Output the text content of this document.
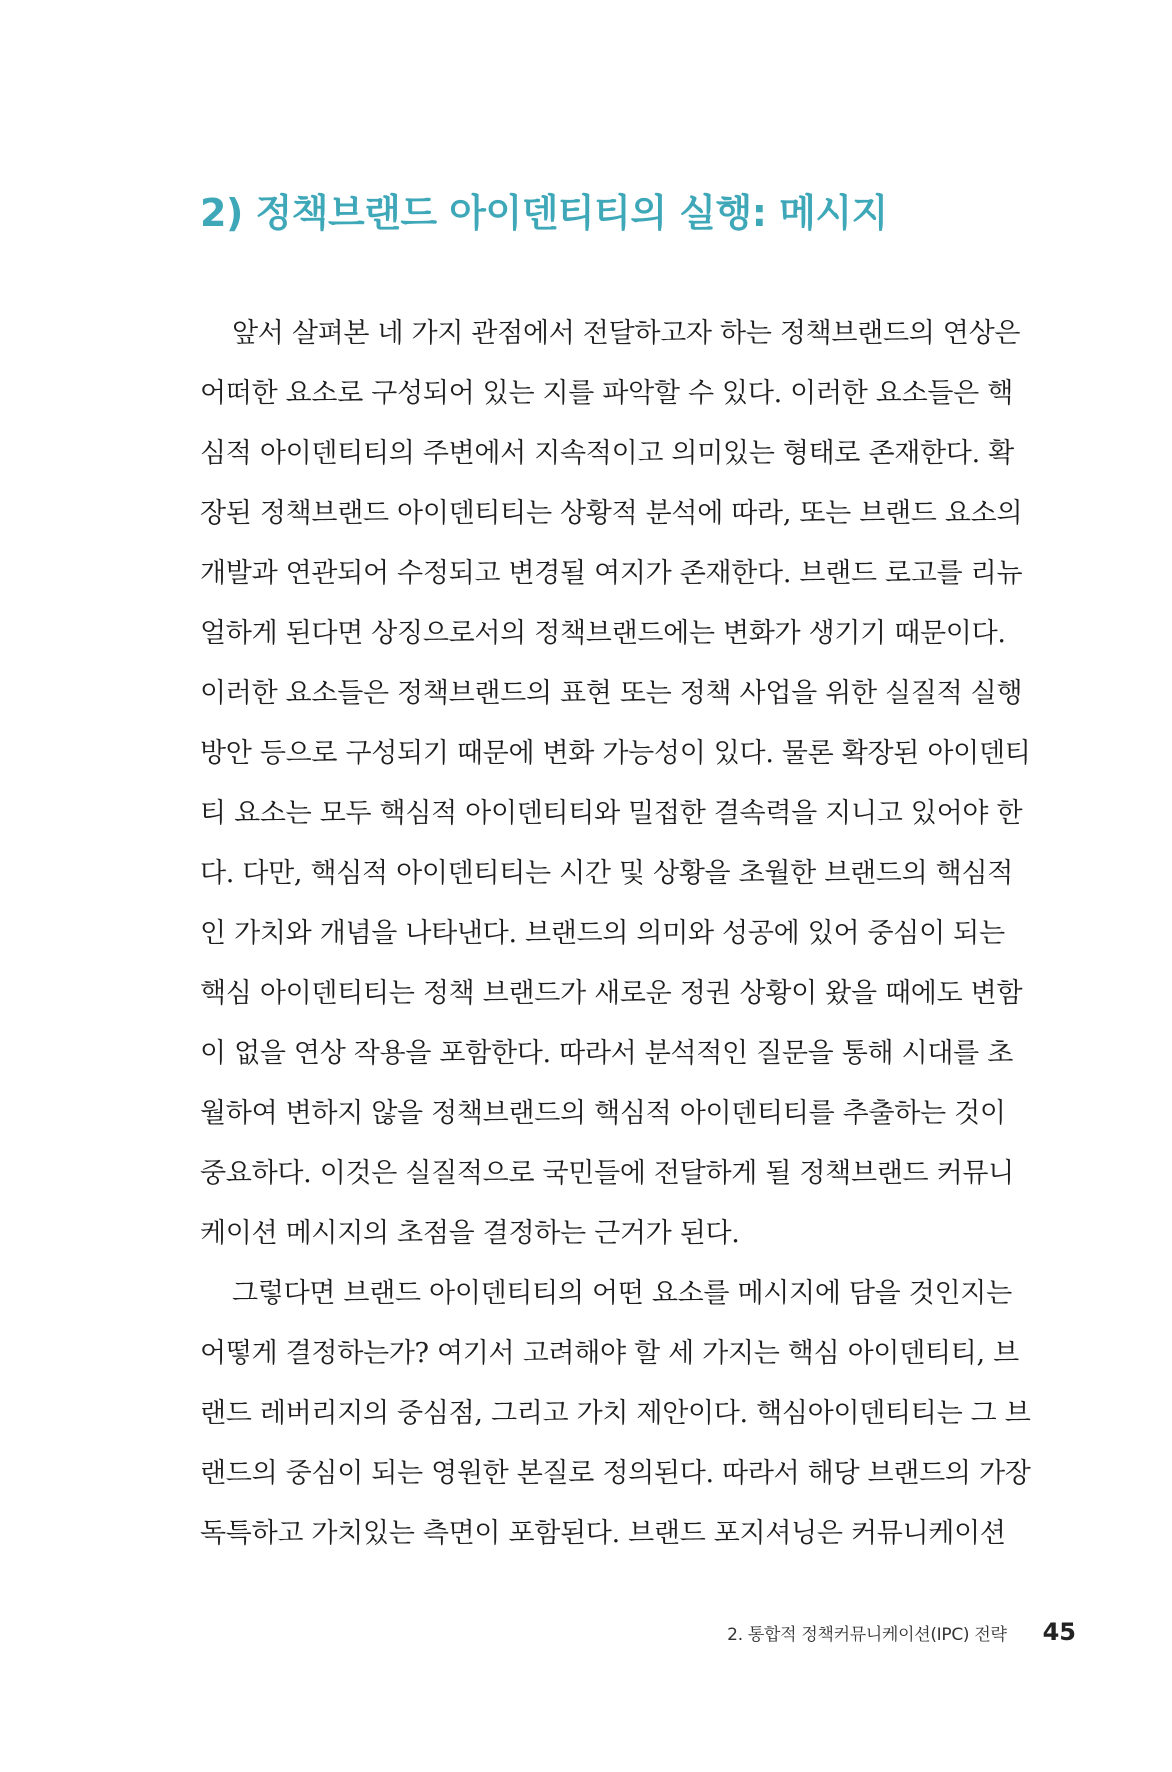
2) 정책브랜드 아이덴티티의 실행: 메시지
앞서 살펴본 네 가지 관점에서 전달하고자 하는 정책브랜드의 연상은
어떠한 요소로 구성되어 있는 지를 파악할 수 있다. 이러한 요소들은 핵
심적 아이덴티티의 주변에서 지속적이고 의미있는 형태로 존재한다. 확
장된 정책브랜드 아이덴티티는 상황적 분석에 따라, 또는 브랜드 요소의
개발과 연관되어 수정되고 변경될 여지가 존재한다. 브랜드 로고를 리뉴
얼하게 된다면 상징으로서의 정책브랜드에는 변화가 생기기 때문이다.
이러한 요소들은 정책브랜드의 표현 또는 정책 사업을 위한 실질적 실행
방안 등으로 구성되기 때문에 변화 가능성이 있다. 물론 확장된 아이덴티
티 요소는 모두 핵심적 아이덴티티와 밀접한 결속력을 지니고 있어야 한
다. 다만, 핵심적 아이덴티티는 시간 및 상황을 초월한 브랜드의 핵심적
인 가치와 개념을 나타낸다. 브랜드의 의미와 성공에 있어 중심이 되는
핵심 아이덴티티는 정책 브랜드가 새로운 정권 상황이 왔을 때에도 변함
이 없을 연상 작용을 포함한다. 따라서 분석적인 질문을 통해 시대를 초
월하여 변하지 않을 정책브랜드의 핵심적 아이덴티티를 추출하는 것이
중요하다. 이것은 실질적으로 국민들에 전달하게 될 정책브랜드 커뮤니
케이션 메시지의 초점을 결정하는 근거가 된다.
그렇다면 브랜드 아이덴티티의 어떤 요소를 메시지에 담을 것인지는
어떻게 결정하는가? 여기서 고려해야 할 세 가지는 핵심 아이덴티티, 브
랜드 레버리지의 중심점, 그리고 가치 제안이다. 핵심아이덴티티는 그 브
랜드의 중심이 되는 영원한 본질로 정의된다. 따라서 해당 브랜드의 가장
독특하고 가치있는 측면이 포함된다. 브랜드 포지셔닝은 커뮤니케이션
2. 통합적 정책커뮤니케이션(IPC) 전략 45
